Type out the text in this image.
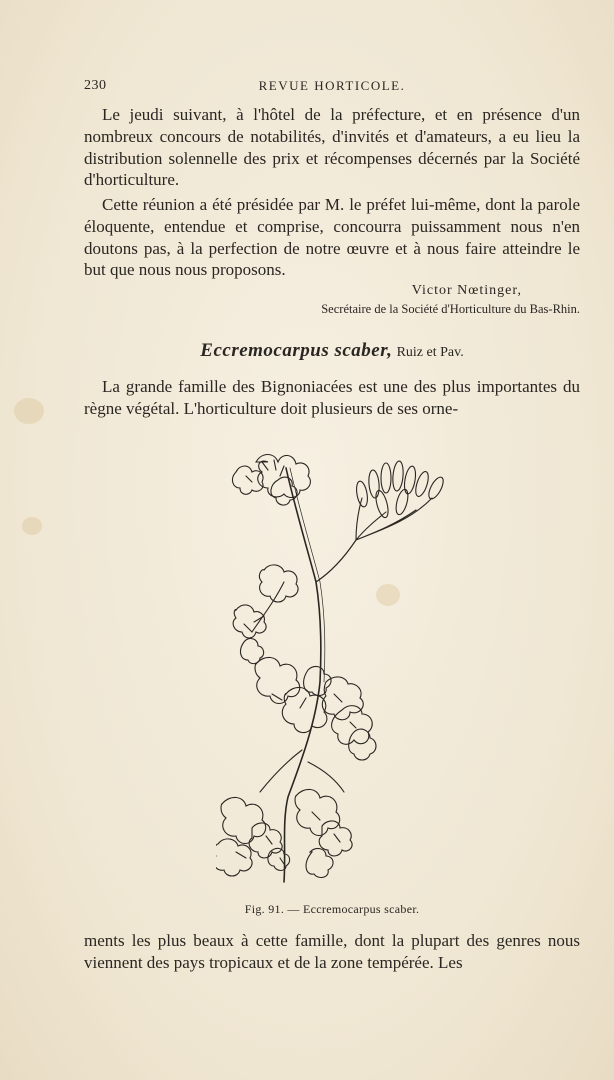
230	REVUE HORTICOLE.

Le jeudi suivant, à l'hôtel de la préfecture, et en présence d'un nombreux concours de notabilités, d'invités et d'amateurs, a eu lieu la distribution solennelle des prix et récompenses décernés par la Société d'horticulture.

Cette réunion a été présidée par M. le préfet lui-même, dont la parole éloquente, entendue et comprise, concourra puissamment nous n'en doutons pas, à la perfection de notre œuvre et à nous faire atteindre le but que nous nous proposons.

Victor Nœtinger,
Secrétaire de la Société d'Horticulture du Bas-Rhin.
Eccremocarpus scaber, Ruiz et Pav.

La grande famille des Bignoniacées est une des plus importantes du règne végétal. L'horticulture doit plusieurs de ses orne-

Fig. 91. — Eccremocarpus scaber.

ments les plus beaux à cette famille, dont la plupart des genres nous viennent des pays tropicaux et de la zone tempérée. Les
